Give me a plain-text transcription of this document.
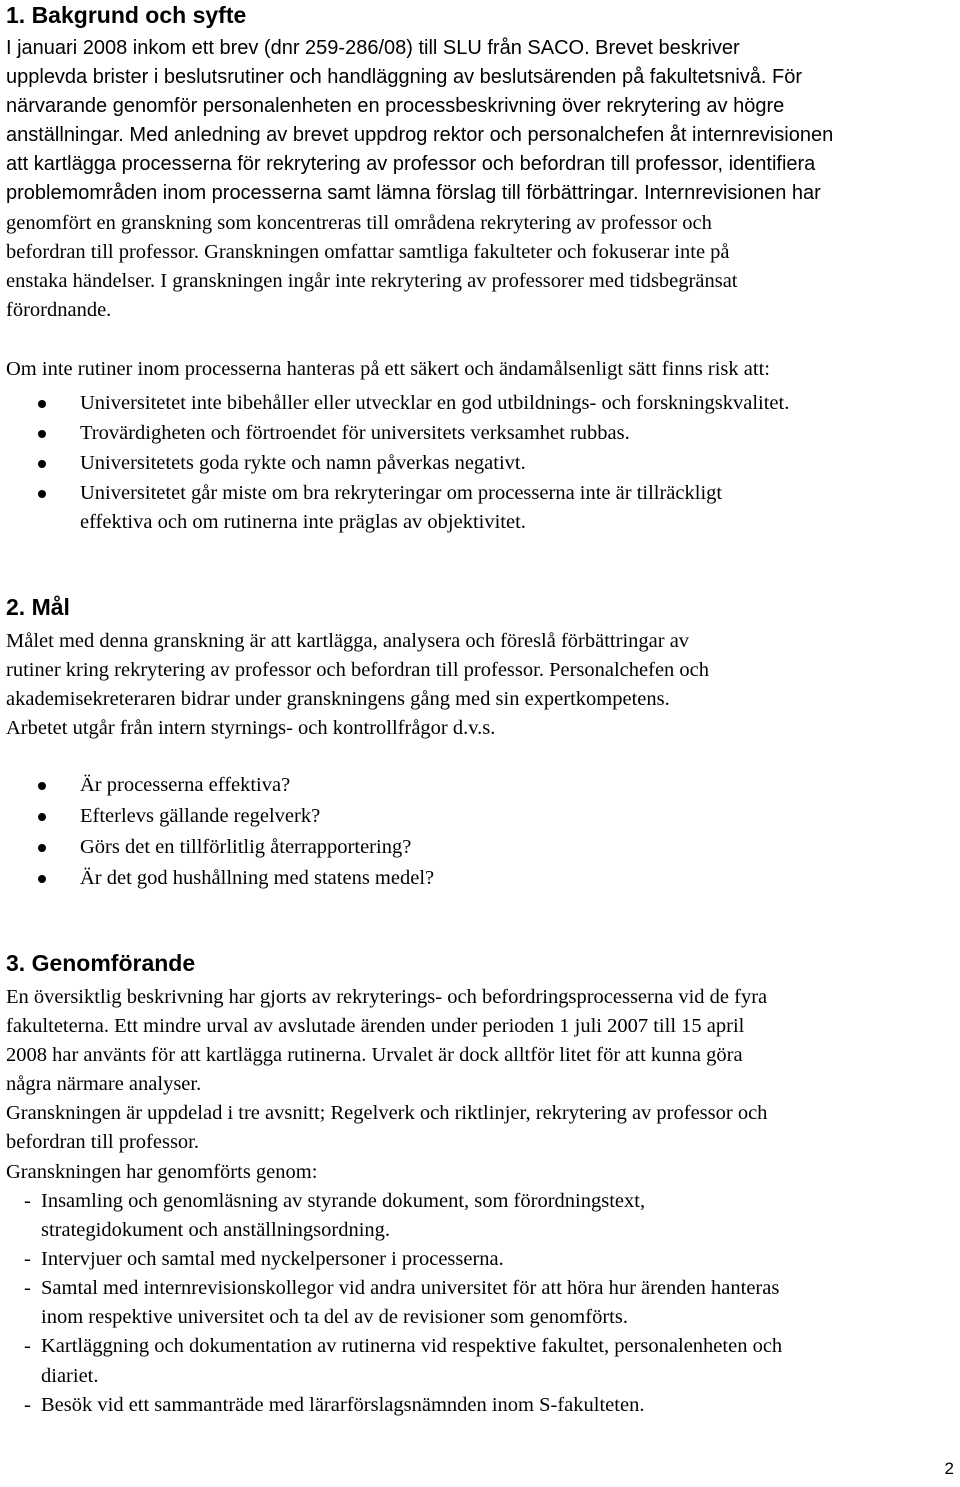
1. Bakgrund och syfte
I januari 2008 inkom ett brev (dnr 259-286/08) till SLU från SACO. Brevet beskriver
upplevda brister i beslutsrutiner och handläggning av beslutsärenden på fakultetsnivå. För
närvarande genomför personalenheten en processbeskrivning över rekrytering av högre
anställningar. Med anledning av brevet uppdrog rektor och personalchefen åt internrevisionen
att kartlägga processerna för rekrytering av professor och befordran till professor, identifiera
problemområden inom processerna samt lämna förslag till förbättringar. Internrevisionen har
genomfört en granskning som koncentreras till områdena rekrytering av professor och
befordran till professor. Granskningen omfattar samtliga fakulteter och fokuserar inte på
enstaka händelser. I granskningen ingår inte rekrytering av professorer med tidsbegränsat
förordnande.
Om inte rutiner inom processerna hanteras på ett säkert och ändamålsenligt sätt finns risk att:
Universitetet inte bibehåller eller utvecklar en god utbildnings- och forskningskvalitet.
Trovärdigheten och förtroendet för universitets verksamhet rubbas.
Universitetets goda rykte och namn påverkas negativt.
Universitetet går miste om bra rekryteringar om processerna inte är tillräckligt
effektiva och om rutinerna inte präglas av objektivitet.
2. Mål
Målet med denna granskning är att kartlägga, analysera och föreslå förbättringar av
rutiner kring rekrytering av professor och befordran till professor. Personalchefen och
akademisekreteraren bidrar under granskningens gång med sin expertkompetens.
Arbetet utgår från intern styrnings- och kontrollfrågor d.v.s.
Är processerna effektiva?
Efterlevs gällande regelverk?
Görs det en tillförlitlig återrapportering?
Är det god hushållning med statens medel?
3. Genomförande
En översiktlig beskrivning har gjorts av rekryterings- och befordringsprocesserna vid de fyra
fakulteterna. Ett mindre urval av avslutade ärenden under perioden 1 juli 2007 till 15 april
2008 har använts för att kartlägga rutinerna. Urvalet är dock alltför litet för att kunna göra
några närmare analyser.
Granskningen är uppdelad i tre avsnitt; Regelverk och riktlinjer, rekrytering av professor och
befordran till professor.
Granskningen har genomförts genom:
- Insamling och genomläsning av styrande dokument, som förordningstext,
strategidokument och anställningsordning.
- Intervjuer och samtal med nyckelpersoner i processerna.
- Samtal med internrevisionskollegor vid andra universitet för att höra hur ärenden hanteras
inom respektive universitet och ta del av de revisioner som genomförts.
- Kartläggning och dokumentation av rutinerna vid respektive fakultet, personalenheten och
diariet.
- Besök vid ett sammanträde med lärarförslagsnämnden inom S-fakulteten.
2
